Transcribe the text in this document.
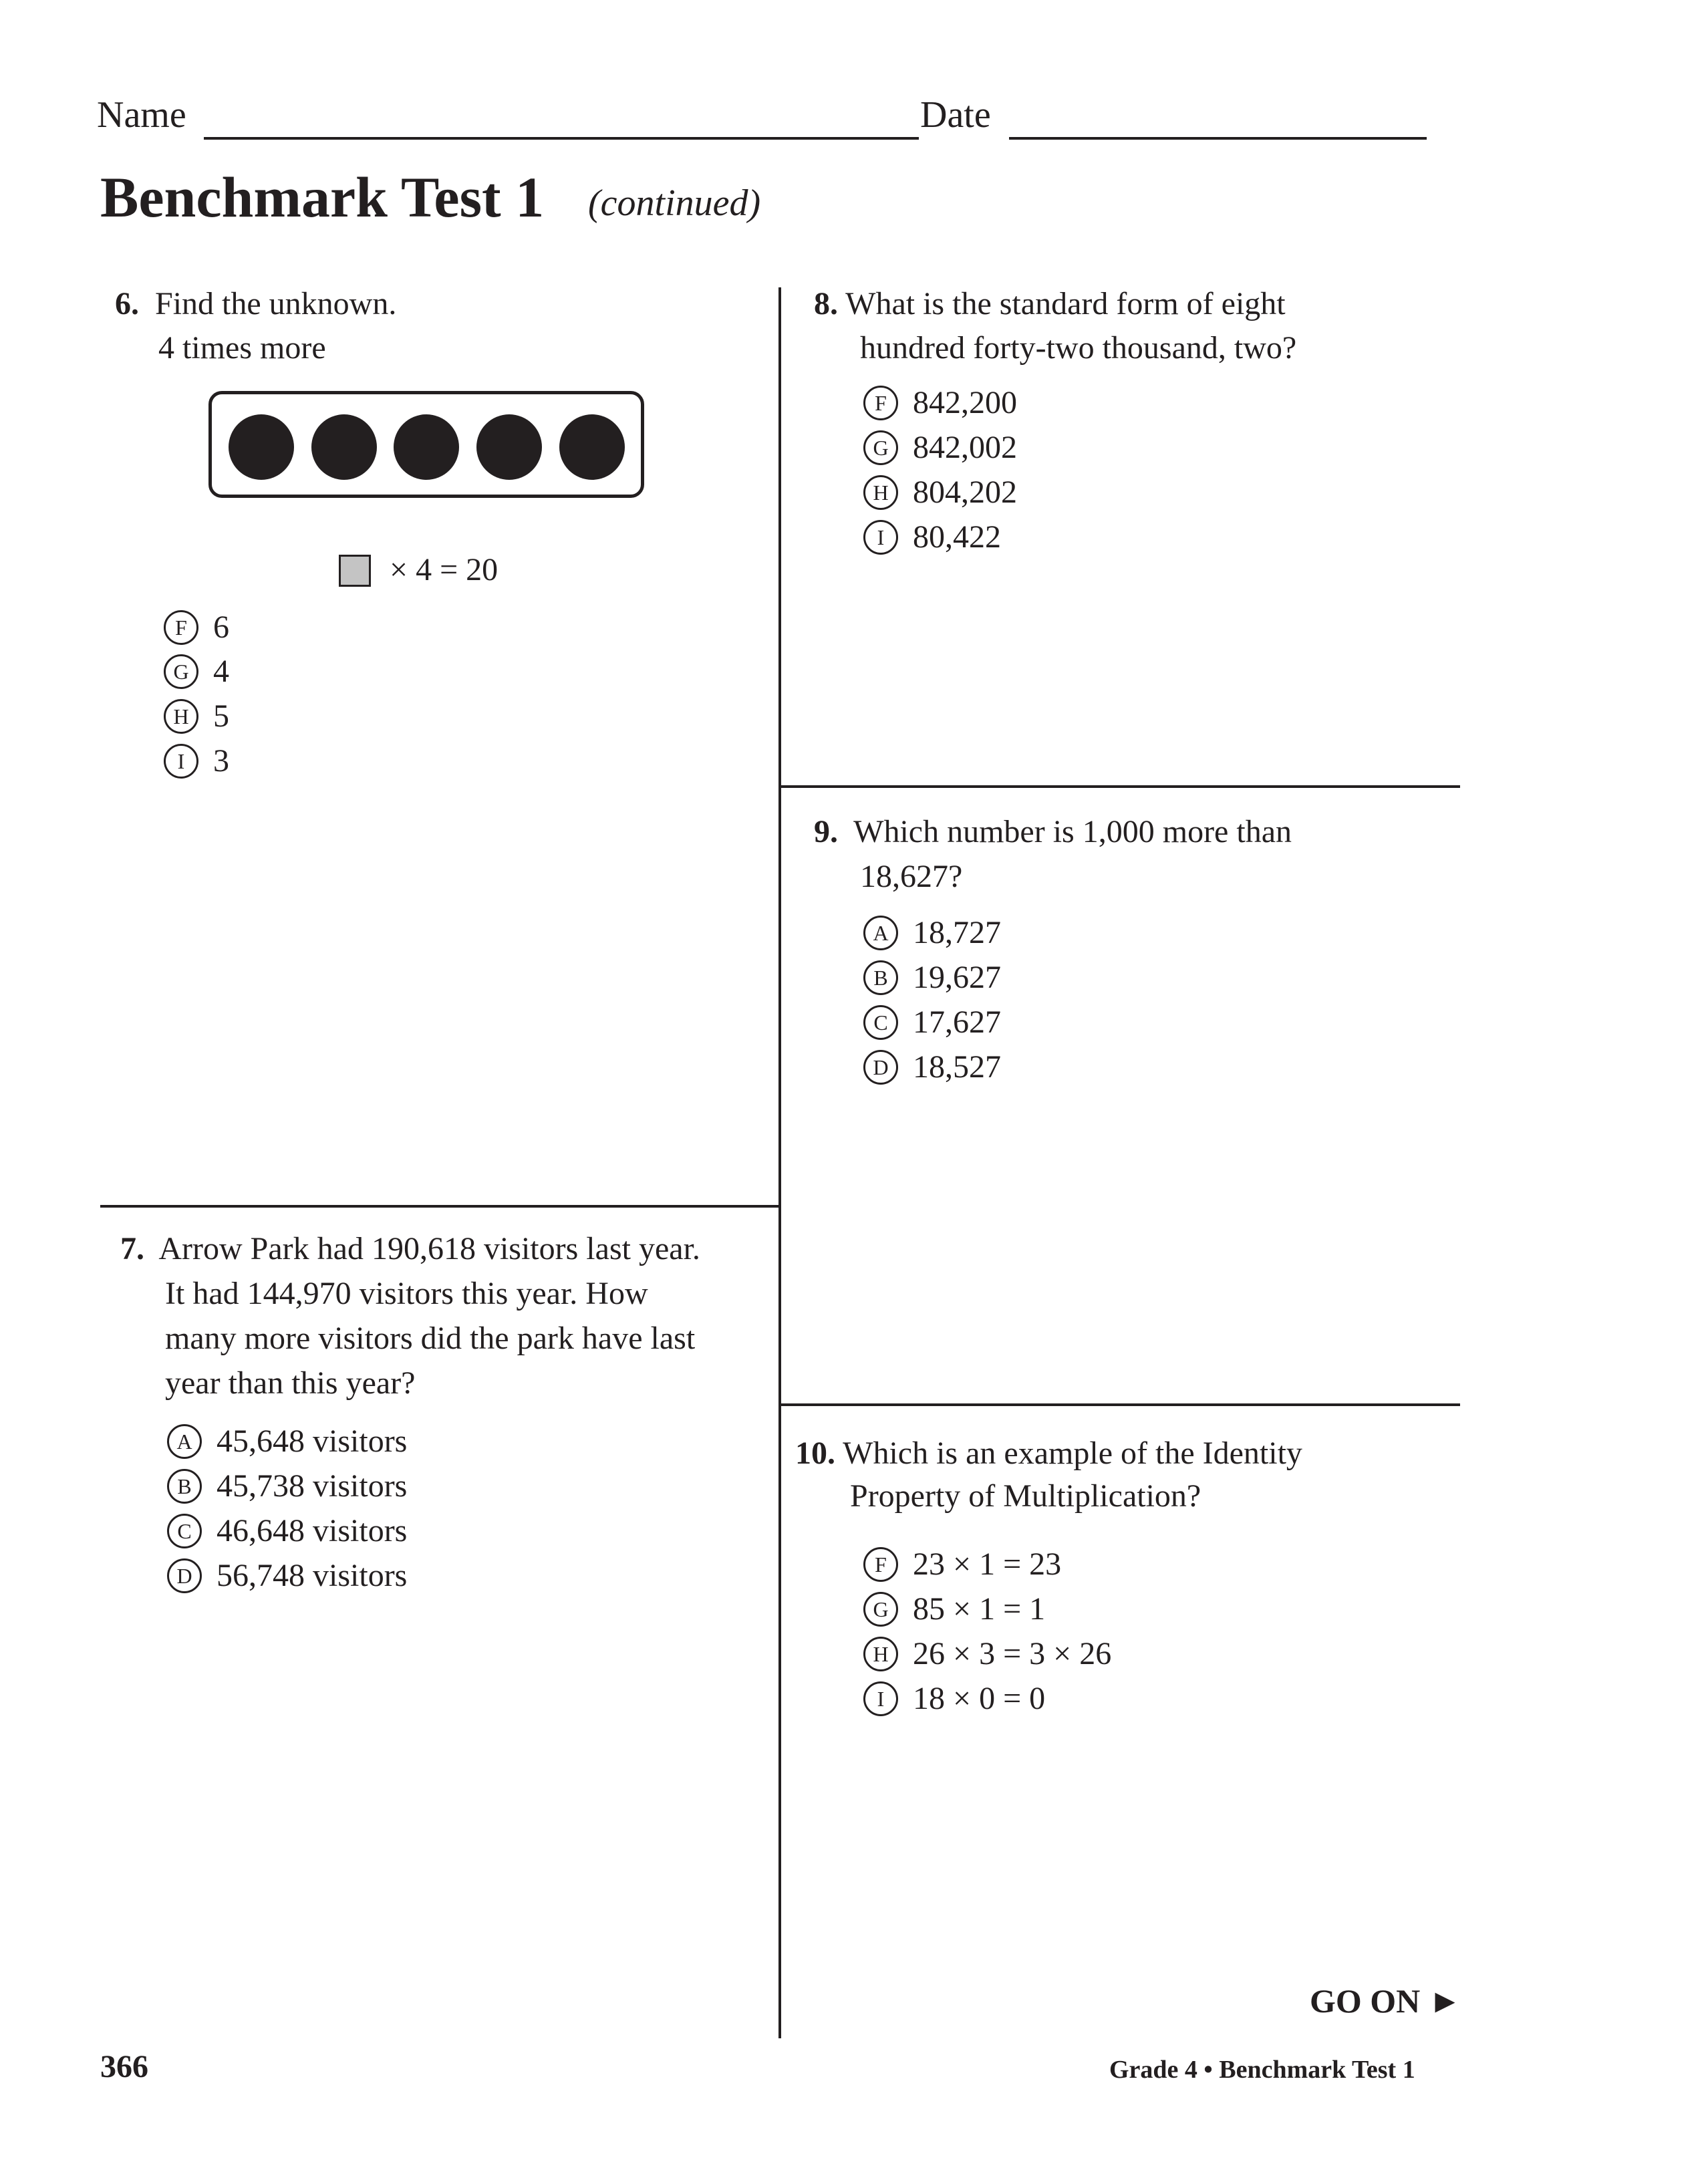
Name	Date
Benchmark Test 1 (continued)
6. Find the unknown.
4 times more
× 4 = 20
F 6
G 4
H 5
I 3
7. Arrow Park had 190,618 visitors last year.
It had 144,970 visitors this year. How
many more visitors did the park have last
year than this year?
A 45,648 visitors
B 45,738 visitors
C 46,648 visitors
D 56,748 visitors
8. What is the standard form of eight
hundred forty-two thousand, two?
F 842,200
G 842,002
H 804,202
I 80,422
9. Which number is 1,000 more than
18,627?
A 18,727
B 19,627
C 17,627
D 18,527
10. Which is an example of the Identity
Property of Multiplication?
F 23 × 1 = 23
G 85 × 1 = 1
H 26 × 3 = 3 × 26
I 18 × 0 = 0
GO ON ►
366	Grade 4 • Benchmark Test 1
